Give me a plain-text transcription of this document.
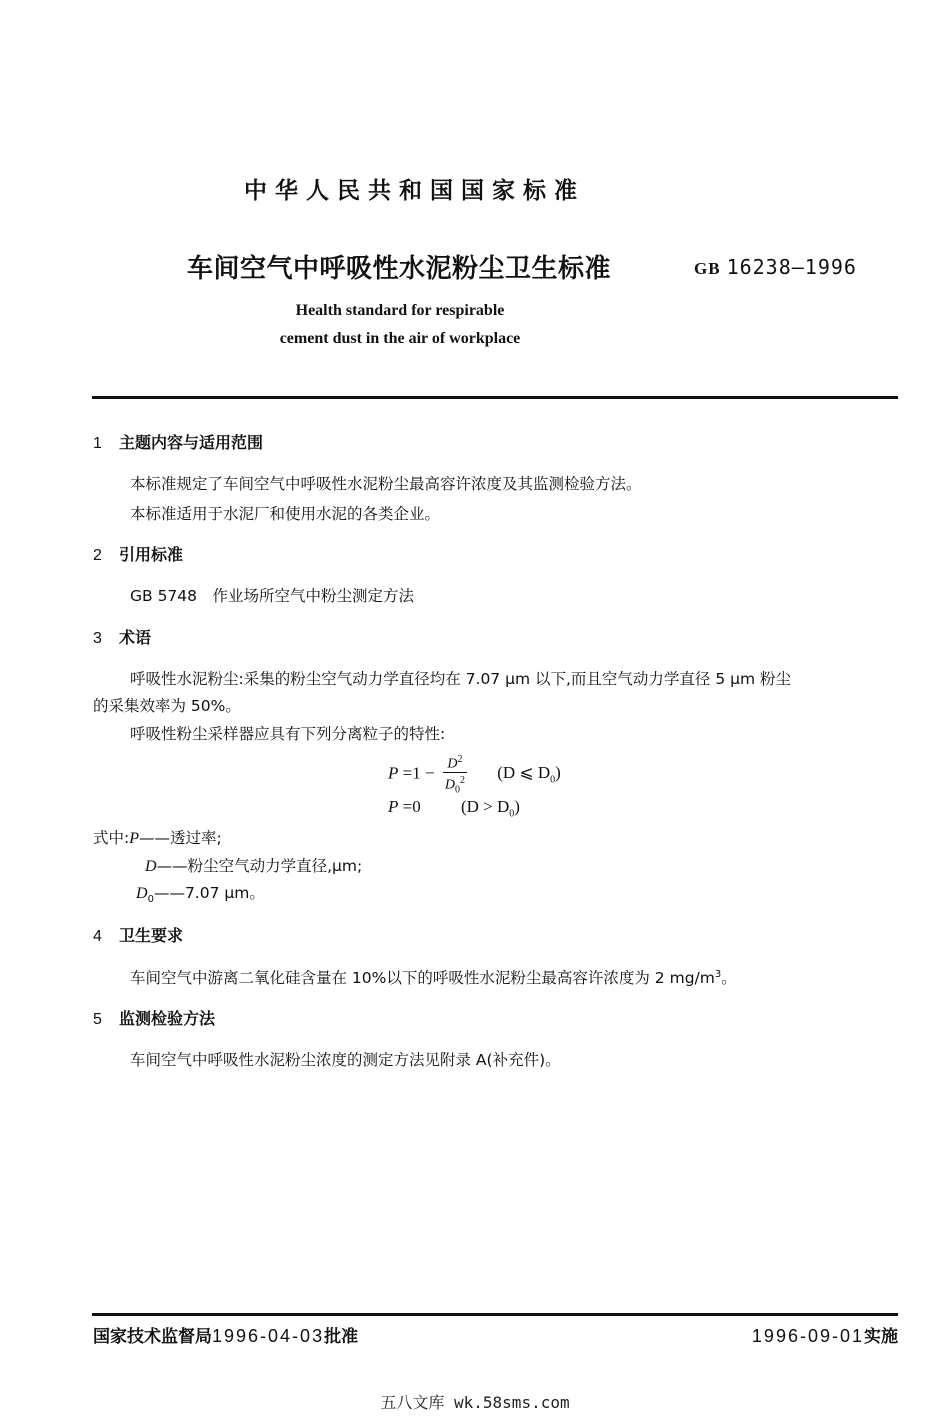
中华人民共和国国家标准
车间空气中呼吸性水泥粉尘卫生标准	GB 16238—1996
Health standard for respirable
cement dust in the air of workplace
1 主题内容与适用范围
本标准规定了车间空气中呼吸性水泥粉尘最高容许浓度及其监测检验方法。
本标准适用于水泥厂和使用水泥的各类企业。
2 引用标准
GB 5748　作业场所空气中粉尘测定方法
3 术语
呼吸性水泥粉尘:采集的粉尘空气动力学直径均在 7.07 μm 以下,而且空气动力学直径 5 μm 粉尘
的采集效率为 50%。
呼吸性粉尘采样器应具有下列分离粒子的特性:
$P =1 - \frac{D^2}{D_0^2} (D$ ⩽ $D_0$)
P =0 $(D > D_0)$
式中:P——透过率;
D——粉尘空气动力学直径,μm;
$D_0——7.07$ μm。
4 卫生要求
车间空气中游离二氧化硅含量在 10%以下的呼吸性水泥粉尘最高容许浓度为 2 $mg/m^3$。
5 监测检验方法
车间空气中呼吸性水泥粉尘浓度的测定方法见附录 A(补充件)。
国家技术监督局1996-04-03批准	1996-09-01实施
五八文库 wk.58sms.com
